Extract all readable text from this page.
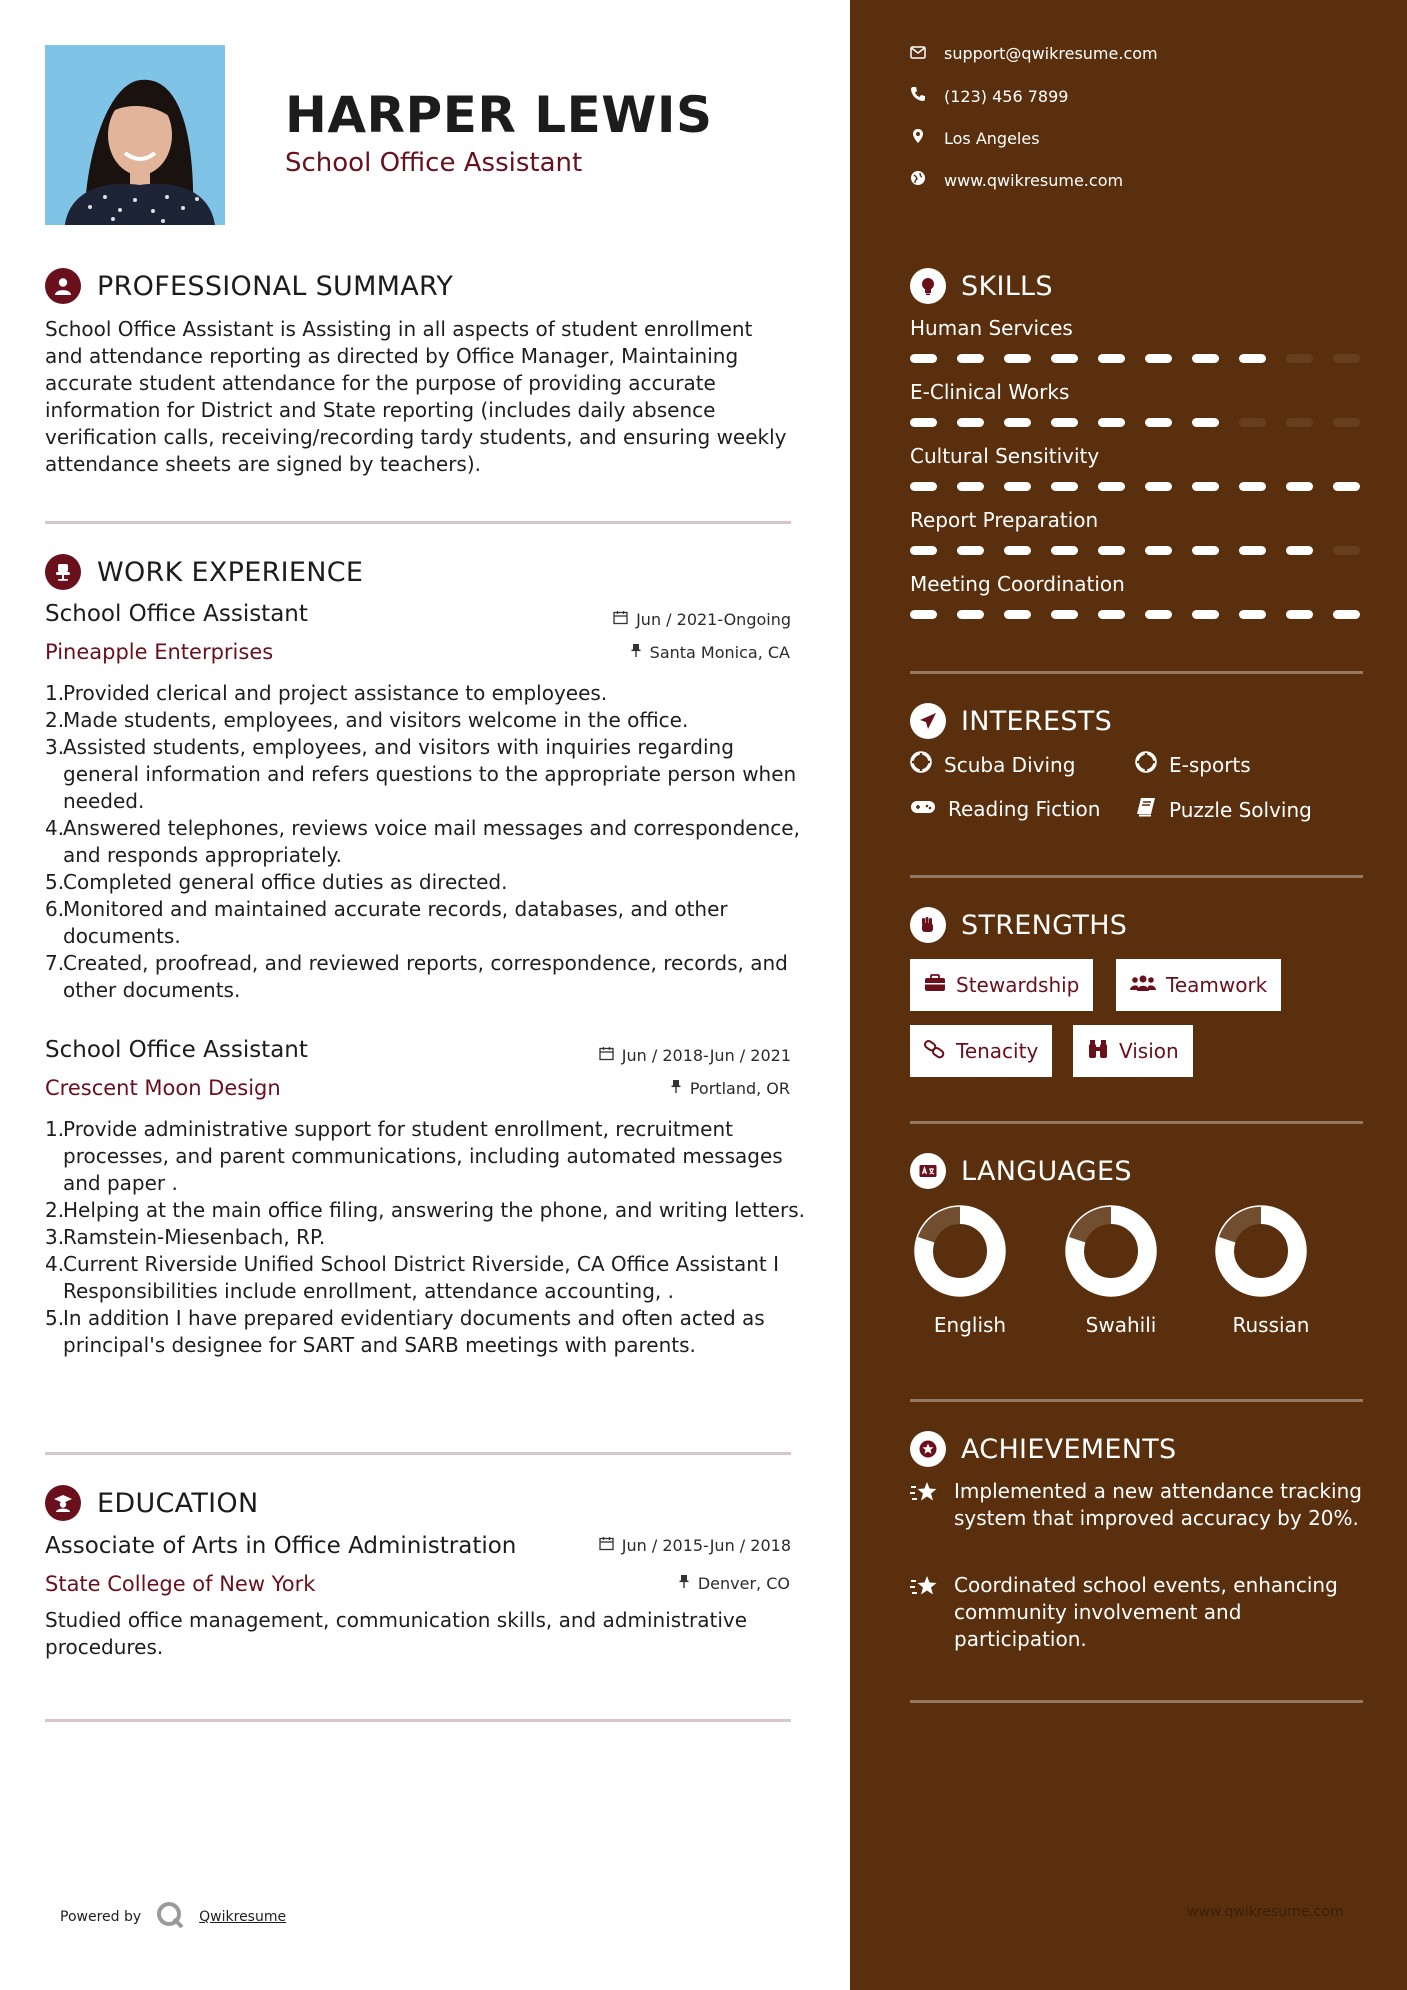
HARPER LEWIS
School Office Assistant
PROFESSIONAL SUMMARY
School Office Assistant is Assisting in all aspects of student enrollment and attendance reporting as directed by Office Manager, Maintaining accurate student attendance for the purpose of providing accurate information for District and State reporting (includes daily absence verification calls, receiving/recording tardy students, and ensuring weekly attendance sheets are signed by teachers).
WORK EXPERIENCE
School Office Assistant	Jun / 2021-Ongoing
Pineapple Enterprises	Santa Monica, CA
1.
Provided clerical and project assistance to employees.
2.
Made students, employees, and visitors welcome in the office.
3.
Assisted students, employees, and visitors with inquiries regarding general information and refers questions to the appropriate person when needed.
4.
Answered telephones, reviews voice mail messages and correspondence, and responds appropriately.
5.
Completed general office duties as directed.
6.
Monitored and maintained accurate records, databases, and other documents.
7.
Created, proofread, and reviewed reports, correspondence, records, and other documents.
School Office Assistant	Jun / 2018-Jun / 2021
Crescent Moon Design	Portland, OR
1.
Provide administrative support for student enrollment, recruitment processes, and parent communications, including automated messages and paper .
2.
Helping at the main office filing, answering the phone, and writing letters.
3.
Ramstein-Miesenbach, RP.
4.
Current Riverside Unified School District Riverside, CA Office Assistant I Responsibilities include enrollment, attendance accounting, .
5.
In addition I have prepared evidentiary documents and often acted as principal's designee for SART and SARB meetings with parents.
EDUCATION
Associate of Arts in Office Administration	Jun / 2015-Jun / 2018
State College of New York	Denver, CO
Studied office management, communication skills, and administrative procedures.
Powered by	Qwikresume
support@qwikresume.com
(123) 456 7899
Los Angeles
www.qwikresume.com
SKILLS
Human Services
E-Clinical Works
Cultural Sensitivity
Report Preparation
Meeting Coordination
INTERESTS
Scuba Diving	E-sports
Reading Fiction	Puzzle Solving
STRENGTHS
Stewardship	Teamwork
Tenacity	Vision
LANGUAGES
English	Swahili	Russian
ACHIEVEMENTS
Implemented a new attendance tracking system that improved accuracy by 20%.
Coordinated school events, enhancing community involvement and participation.
www.qwikresume.com
